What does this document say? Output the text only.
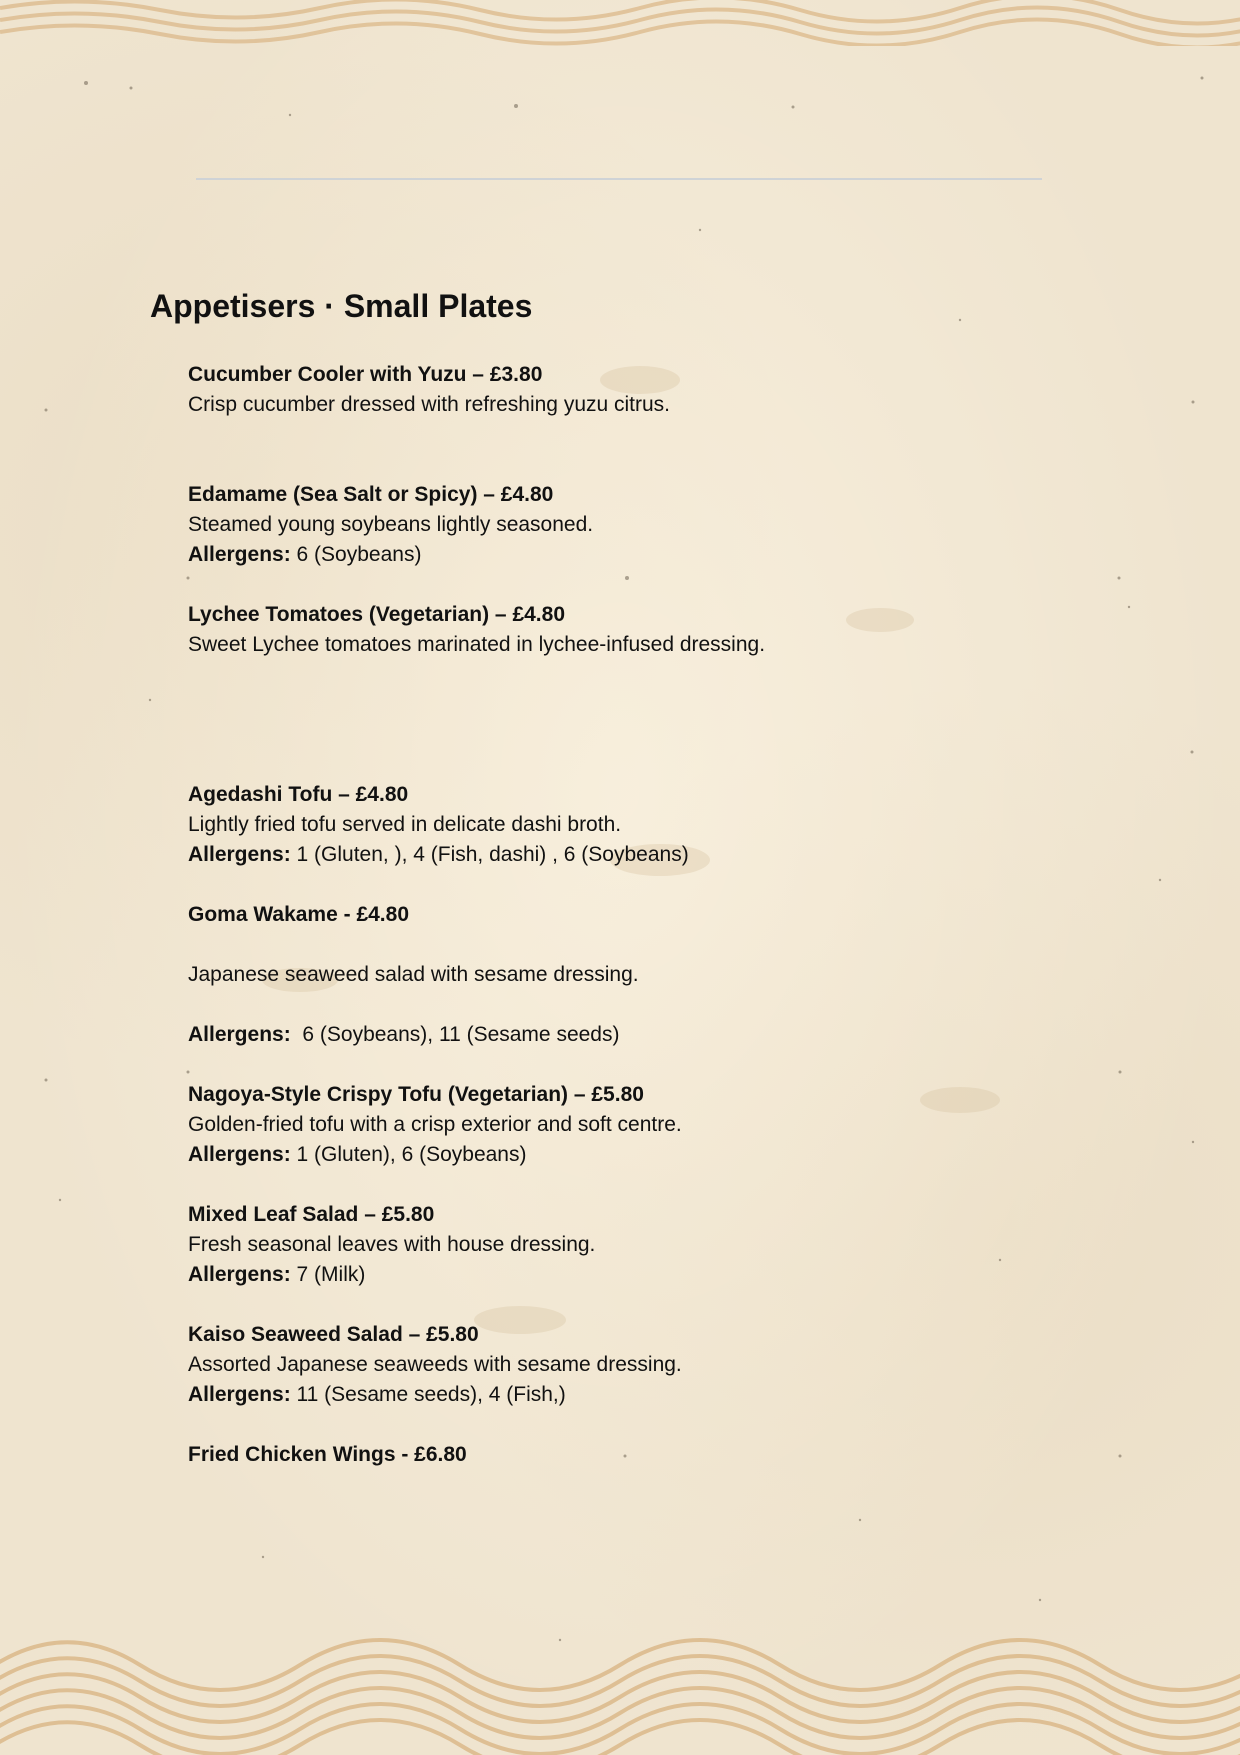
Appetisers · Small Plates
Cucumber Cooler with Yuzu – £3.80
Crisp cucumber dressed with refreshing yuzu citrus.
Edamame (Sea Salt or Spicy) – £4.80
Steamed young soybeans lightly seasoned.
Allergens: 6 (Soybeans)
Lychee Tomatoes (Vegetarian) – £4.80
Sweet Lychee tomatoes marinated in lychee-infused dressing.
Agedashi Tofu – £4.80
Lightly fried tofu served in delicate dashi broth.
Allergens: 1 (Gluten, ), 4 (Fish, dashi) , 6 (Soybeans)
Goma Wakame - £4.80
Japanese seaweed salad with sesame dressing.
Allergens:  6 (Soybeans), 11 (Sesame seeds)
Nagoya-Style Crispy Tofu (Vegetarian) – £5.80
Golden-fried tofu with a crisp exterior and soft centre.
Allergens: 1 (Gluten), 6 (Soybeans)
Mixed Leaf Salad – £5.80
Fresh seasonal leaves with house dressing.
Allergens: 7 (Milk)
Kaiso Seaweed Salad – £5.80
Assorted Japanese seaweeds with sesame dressing.
Allergens: 11 (Sesame seeds), 4 (Fish,)
Fried Chicken Wings - £6.80
